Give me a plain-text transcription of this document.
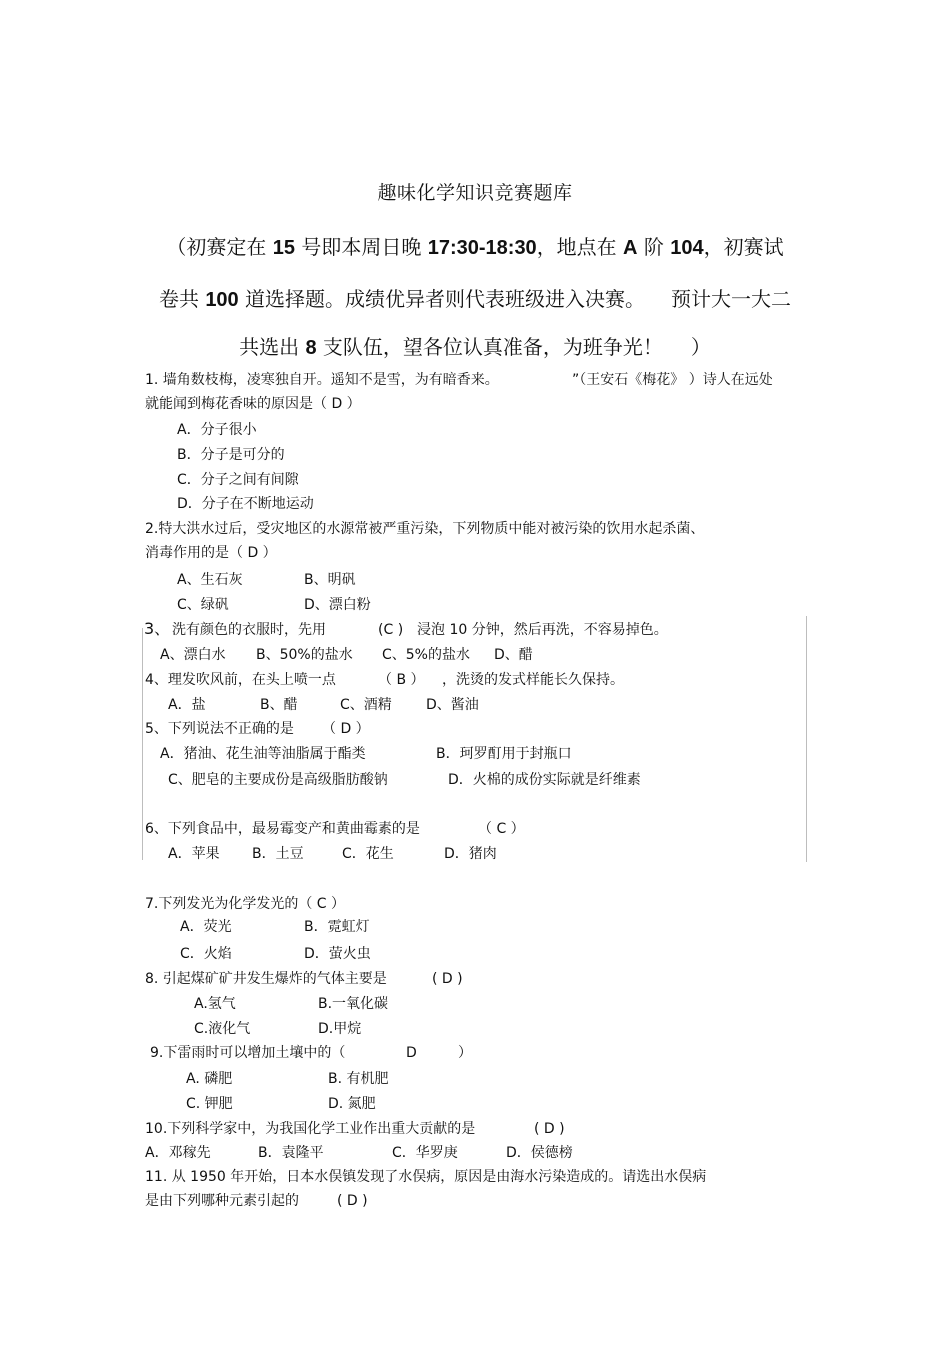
趣味化学知识竞赛题库
（初赛定在 15 号即本周日晚 17:30-18:30，地点在 A 阶 104，初赛试
卷共 100 道选择题。成绩优异者则代表班级进入决赛。 预计大一大二
共选出 8 支队伍，望各位认真准备，为班争光！ ）
1. 墙角数枝梅，凌寒独自开。遥知不是雪，为有暗香来。	”（王安石《梅花》 ）诗人在远处
就能闻到梅花香味的原因是（ D ）
A．分子很小
B．分子是可分的
C．分子之间有间隙
D．分子在不断地运动
2.特大洪水过后，受灾地区的水源常被严重污染，下列物质中能对被污染的饮用水起杀菌、
消毒作用的是（ D ）
A、生石灰	B、明矾
C、绿矾	D、漂白粉
3、 洗有颜色的衣服时，先用	(C ) 浸泡 10 分钟，然后再洗，不容易掉色。
A、漂白水 B、50%的盐水 C、5%的盐水 D、醋
4、理发吹风前，在头上喷一点	（ B ） ，洗烫的发式样能长久保持。
A．盐	B、醋	C、酒精 D、酱油
5、下列说法不正确的是 （ D ）
A．猪油、花生油等油脂属于酯类	B．珂罗酊用于封瓶口
C、肥皂的主要成份是高级脂肪酸钠	D．火棉的成份实际就是纤维素
6、下列食品中，最易霉变产和黄曲霉素的是	（ C ）
A．苹果 B．土豆	C．花生	D．猪肉
7.下列发光为化学发光的（ C ）
A．荧光	B．霓虹灯
C．火焰	D．萤火虫
8. 引起煤矿矿井发生爆炸的气体主要是	( D )
A.氢气	B.一氧化碳
C.液化气	D.甲烷
9.下雷雨时可以增加土壤中的（	D	）
A. 磷肥	B. 有机肥
C. 钾肥	D. 氮肥
10.下列科学家中，为我国化学工业作出重大贡献的是	( D )
A．邓稼先	B．袁隆平	C．华罗庚	D．侯德榜
11. 从 1950 年开始，日本水俣镇发现了水俣病，原因是由海水污染造成的。请选出水俣病
是由下列哪种元素引起的	( D )
